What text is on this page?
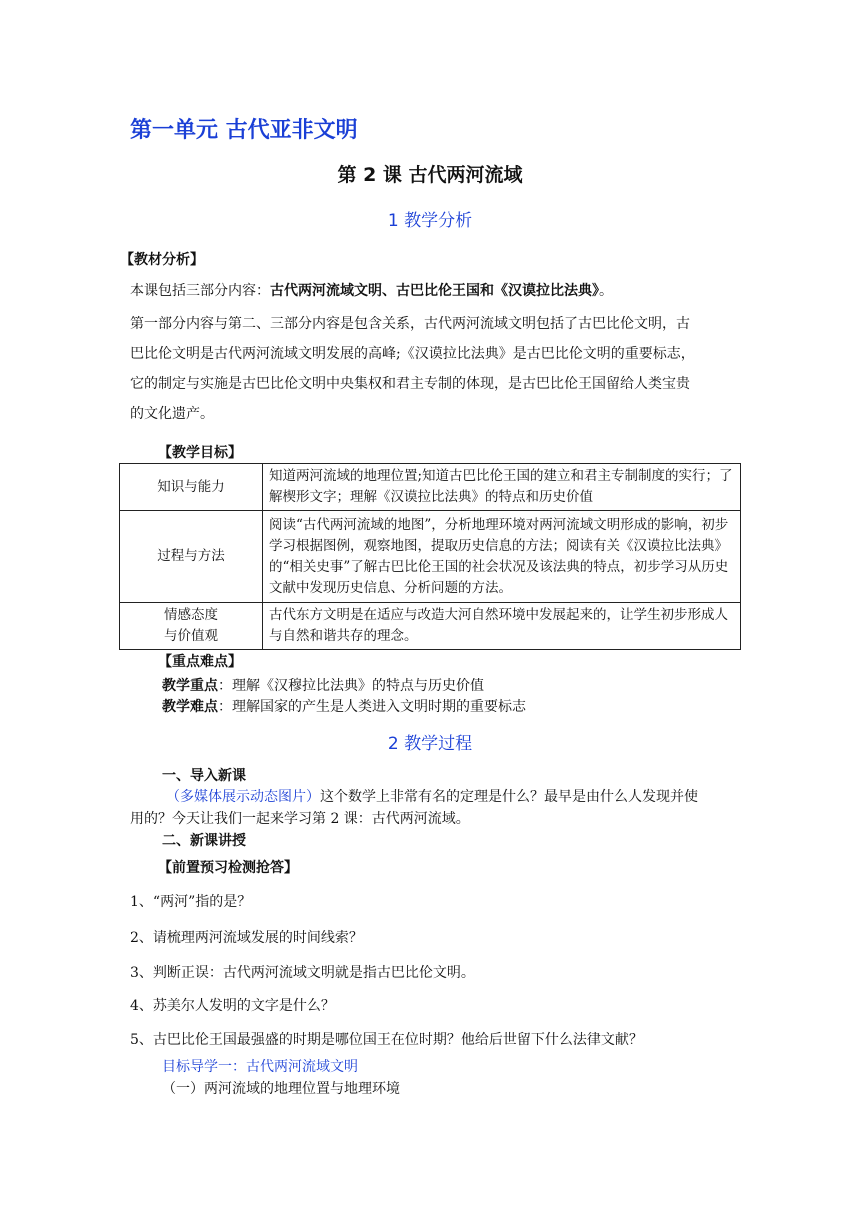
第一单元 古代亚非文明
第 2 课 古代两河流域
1 教学分析
【教材分析】
本课包括三部分内容：古代两河流域文明、古巴比伦王国和《汉谟拉比法典》。
第一部分内容与第二、三部分内容是包含关系，古代两河流域文明包括了古巴比伦文明，古
巴比伦文明是古代两河流域文明发展的高峰;《汉谟拉比法典》是古巴比伦文明的重要标志，
它的制定与实施是古巴比伦文明中央集权和君主专制的体现，是古巴比伦王国留给人类宝贵
的文化遗产。
【教学目标】
知识与能力	知道两河流域的地理位置;知道古巴比伦王国的建立和君主专制制度的实行；了解楔形文字；理解《汉谟拉比法典》的特点和历史价值
过程与方法	阅读“古代两河流域的地图”，分析地理环境对两河流域文明形成的影响，初步学习根据图例，观察地图，提取历史信息的方法；阅读有关《汉谟拉比法典》的“相关史事”了解古巴比伦王国的社会状况及该法典的特点，初步学习从历史文献中发现历史信息、分析问题的方法。
情感态度
与价值观	古代东方文明是在适应与改造大河自然环境中发展起来的，让学生初步形成人与自然和谐共存的理念。
【重点难点】
教学重点：理解《汉穆拉比法典》的特点与历史价值
教学难点：理解国家的产生是人类进入文明时期的重要标志
2 教学过程
一、导入新课
（多媒体展示动态图片）这个数学上非常有名的定理是什么？最早是由什么人发现并使
用的？今天让我们一起来学习第 2 课：古代两河流域。
二、新课讲授
【前置预习检测抢答】
1、“两河”指的是？
2、请梳理两河流域发展的时间线索？
3、判断正误：古代两河流域文明就是指古巴比伦文明。
4、苏美尔人发明的文字是什么？
5、古巴比伦王国最强盛的时期是哪位国王在位时期？他给后世留下什么法律文献？
目标导学一：古代两河流域文明
（一）两河流域的地理位置与地理环境
